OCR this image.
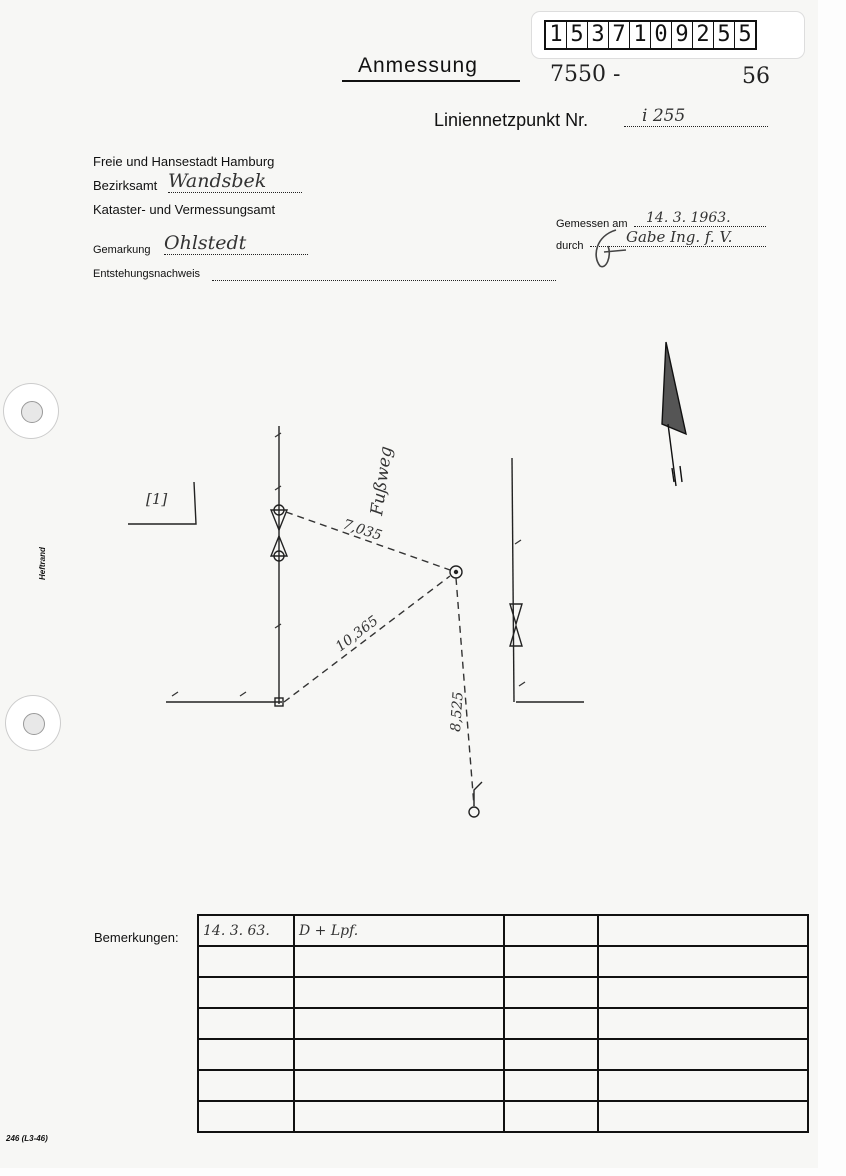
1 5 3 7 1 0 9 2 5 5
Anmessung	7550 -	56
Liniennetzpunkt Nr.	i 255
Freie und Hansestadt Hamburg
Bezirksamt Wandsbek
Kataster- und Vermessungsamt
Gemarkung Ohlstedt
Entstehungsnachweis
Gemessen am	14. 3. 1963.
durch	Gabe Ing. f. V.
Heftrand
Fußweg
[1]
7,035
10,365
8,525
Bemerkungen: 14. 3. 63.	D + Lpf.		

246 (L3-46)
